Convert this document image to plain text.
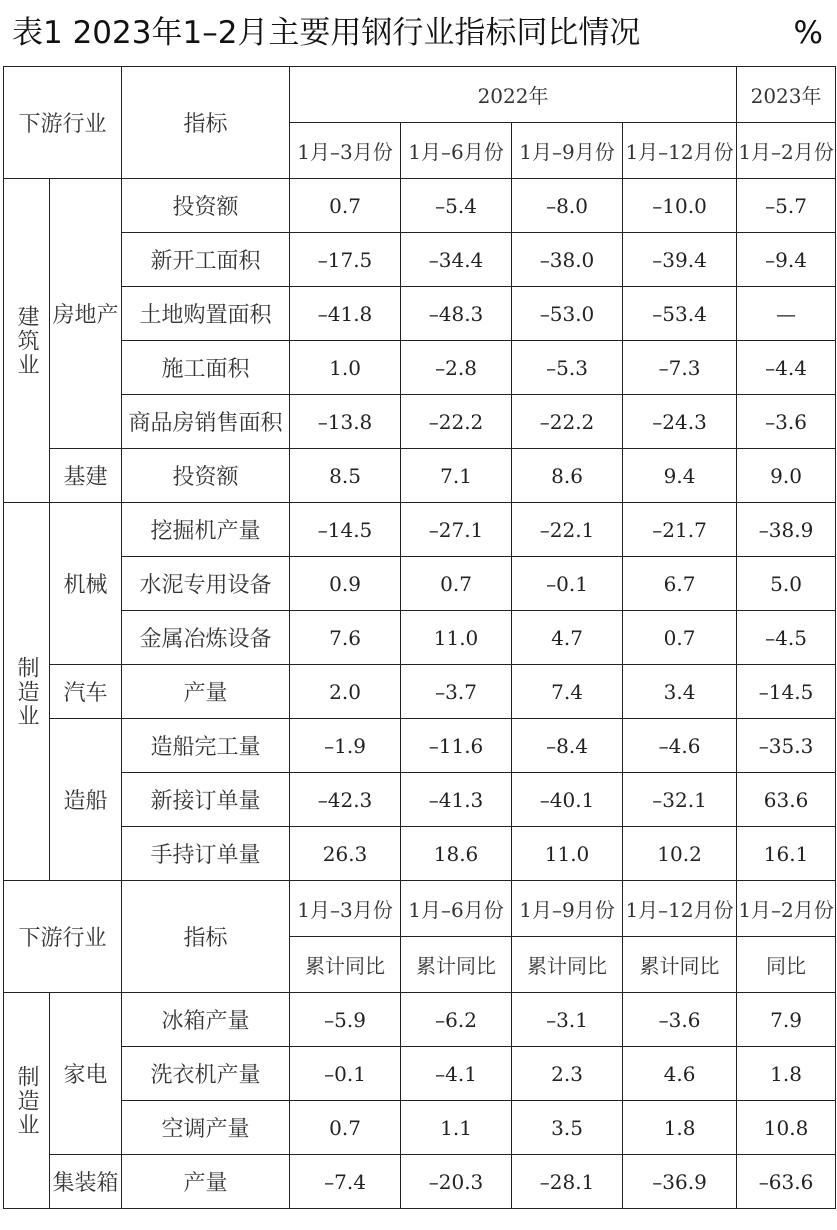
表1 2023年1–2月主要用钢行业指标同比情况	%
下游行业		指标	2022年				2023年
			1月–3月份	1月–6月份	1月–9月份	1月–12月份	1月–2月份
建筑业	房地产	投资额	0.7	–5.4	–8.0	–10.0	–5.7
		新开工面积	–17.5	–34.4	–38.0	–39.4	–9.4
		土地购置面积	–41.8	–48.3	–53.0	–53.4	—
		施工面积	1.0	–2.8	–5.3	–7.3	–4.4
		商品房销售面积	–13.8	–22.2	–22.2	–24.3	–3.6
	基建	投资额	8.5	7.1	8.6	9.4	9.0
制造业	机械	挖掘机产量	–14.5	–27.1	–22.1	–21.7	–38.9
		水泥专用设备	0.9	0.7	–0.1	6.7	5.0
		金属冶炼设备	7.6	11.0	4.7	0.7	–4.5
	汽车	产量	2.0	–3.7	7.4	3.4	–14.5
	造船	造船完工量	–1.9	–11.6	–8.4	–4.6	–35.3
		新接订单量	–42.3	–41.3	–40.1	–32.1	63.6
		手持订单量	26.3	18.6	11.0	10.2	16.1
下游行业		指标	1月–3月份	1月–6月份	1月–9月份	1月–12月份	1月–2月份
			累计同比	累计同比	累计同比	累计同比	同比
制造业	家电	冰箱产量	–5.9	–6.2	–3.1	–3.6	7.9
		洗衣机产量	–0.1	–4.1	2.3	4.6	1.8
		空调产量	0.7	1.1	3.5	1.8	10.8
	集装箱	产量	–7.4	–20.3	–28.1	–36.9	–63.6
